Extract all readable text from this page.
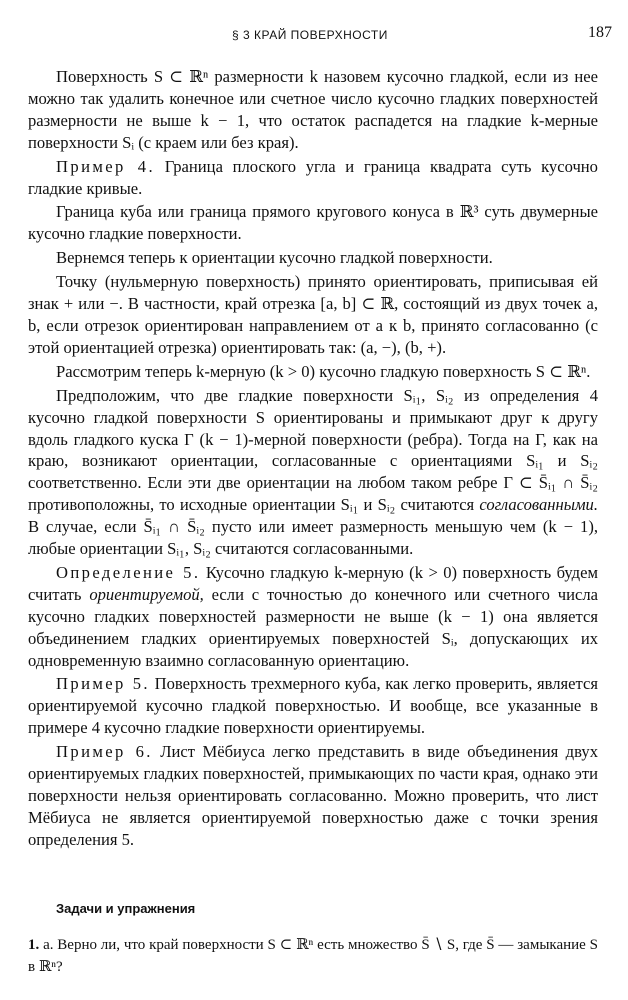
§ 3 КРАЙ ПОВЕРХНОСТИ	187

Поверхность S ⊂ ℝⁿ размерности k назовем кусочно гладкой, если из нее можно так удалить конечное или счетное число кусочно гладких поверхностей размерности не выше k − 1, что остаток распадется на гладкие k-мерные поверхности Sᵢ (с краем или без края).

Пример 4. Граница плоского угла и граница квадрата суть кусочно гладкие кривые.

Граница куба или граница прямого кругового конуса в ℝ³ суть двумерные кусочно гладкие поверхности.

Вернемся теперь к ориентации кусочно гладкой поверхности.

Точку (нульмерную поверхность) принято ориентировать, приписывая ей знак + или −. В частности, край отрезка [a, b] ⊂ ℝ, состоящий из двух точек a, b, если отрезок ориентирован направлением от a к b, принято согласованно (с этой ориентацией отрезка) ориентировать так: (a, −), (b, +).

Рассмотрим теперь k-мерную (k > 0) кусочно гладкую поверхность S ⊂ ℝⁿ.

Предположим, что две гладкие поверхности Sᵢ₁, Sᵢ₂ из определения 4 кусочно гладкой поверхности S ориентированы и примыкают друг к другу вдоль гладкого куска Γ (k − 1)-мерной поверхности (ребра). Тогда на Γ, как на краю, возникают ориентации, согласованные с ориентациями Sᵢ₁ и Sᵢ₂ соответственно. Если эти две ориентации на любом таком ребре Γ ⊂ S̄ᵢ₁ ∩ S̄ᵢ₂ противоположны, то исходные ориентации Sᵢ₁ и Sᵢ₂ считаются согласованными. В случае, если S̄ᵢ₁ ∩ S̄ᵢ₂ пусто или имеет размерность меньшую чем (k − 1), любые ориентации Sᵢ₁, Sᵢ₂ считаются согласованными.

Определение 5. Кусочно гладкую k-мерную (k > 0) поверхность будем считать ориентируемой, если с точностью до конечного или счетного числа кусочно гладких поверхностей размерности не выше (k − 1) она является объединением гладких ориентируемых поверхностей Sᵢ, допускающих их одновременную взаимно согласованную ориентацию.

Пример 5. Поверхность трехмерного куба, как легко проверить, является ориентируемой кусочно гладкой поверхностью. И вообще, все указанные в примере 4 кусочно гладкие поверхности ориентируемы.

Пример 6. Лист Мёбиуса легко представить в виде объединения двух ориентируемых гладких поверхностей, примыкающих по части края, однако эти поверхности нельзя ориентировать согласованно. Можно проверить, что лист Мёбиуса не является ориентируемой поверхностью даже с точки зрения определения 5.

Задачи и упражнения
1. а. Верно ли, что край поверхности S ⊂ ℝⁿ есть множество S̄ ∖ S, где S̄ — замыкание S в ℝⁿ?
